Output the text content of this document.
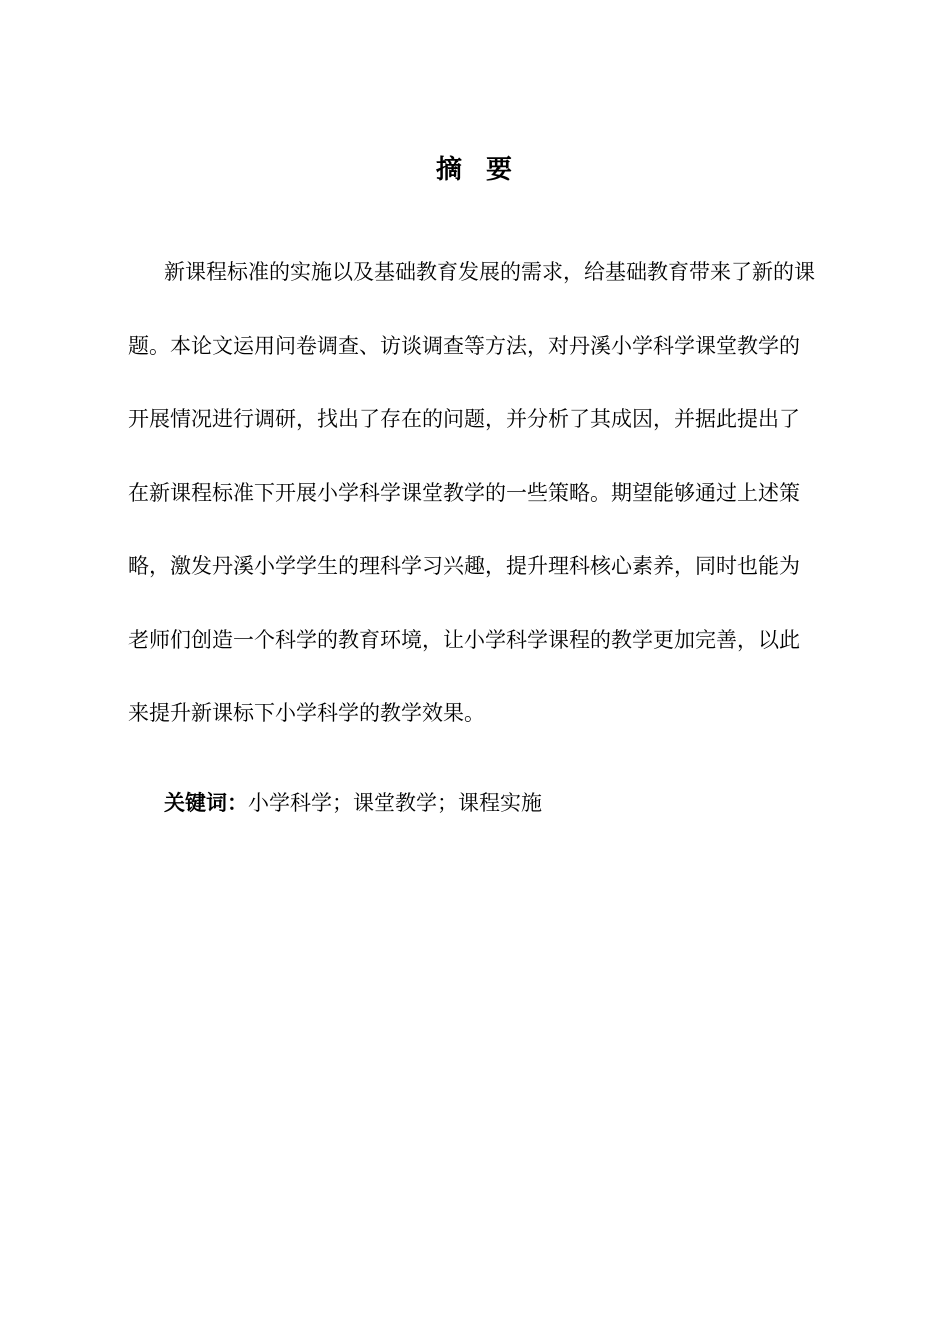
摘  要

新课程标准的实施以及基础教育发展的需求，给基础教育带来了新的课
题。本论文运用问卷调查、访谈调查等方法，对丹溪小学科学课堂教学的
开展情况进行调研，找出了存在的问题，并分析了其成因，并据此提出了
在新课程标准下开展小学科学课堂教学的一些策略。期望能够通过上述策
略，激发丹溪小学学生的理科学习兴趣，提升理科核心素养，同时也能为
老师们创造一个科学的教育环境，让小学科学课程的教学更加完善，以此
来提升新课标下小学科学的教学效果。

关键词：小学科学；课堂教学；课程实施
